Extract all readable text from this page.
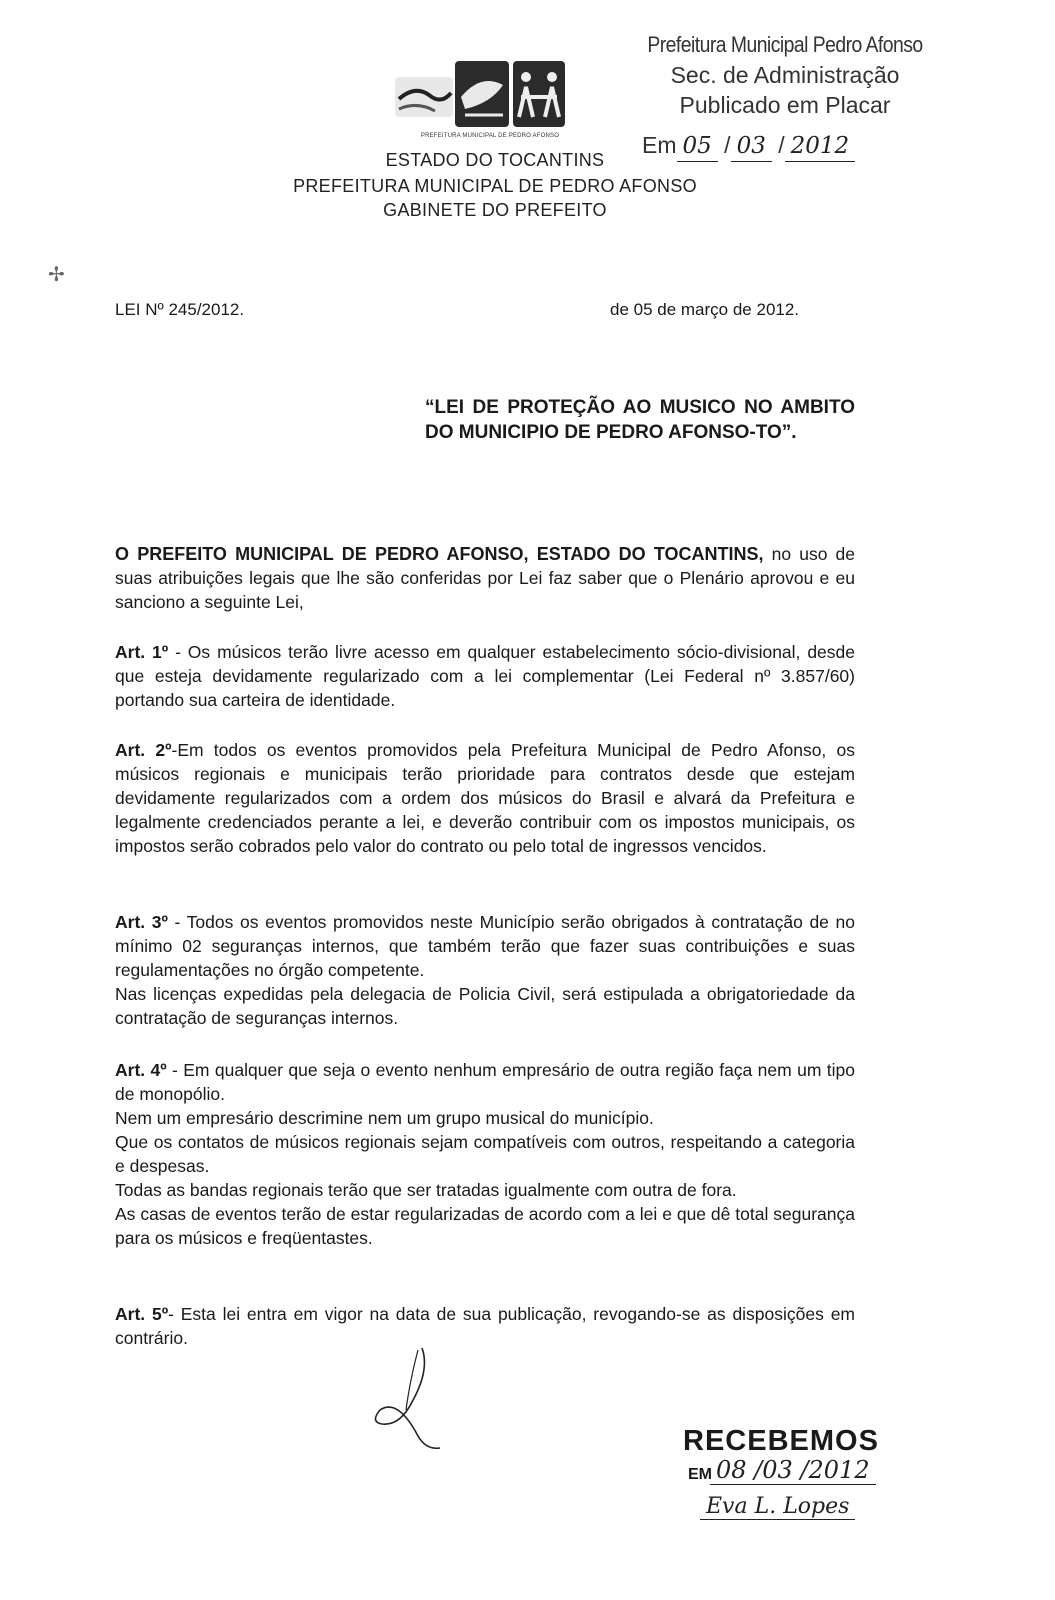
PREFEITURA MUNICIPAL DE PEDRO AFONSO
ESTADO DO TOCANTINS
PREFEITURA MUNICIPAL DE PEDRO AFONSO
GABINETE DO PREFEITO
Prefeitura Municipal Pedro Afonso
Sec. de Administração
Publicado em Placar
Em 05 / 03 / 2012
✢
LEI Nº 245/2012.	de 05 de março de 2012.
“LEI DE PROTEÇÃO AO MUSICO NO AMBITO DO MUNICIPIO DE PEDRO AFONSO-TO”.

O PREFEITO MUNICIPAL DE PEDRO AFONSO, ESTADO DO TOCANTINS, no uso de suas atribuições legais que lhe são conferidas por Lei faz saber que o Plenário aprovou e eu sanciono a seguinte Lei,

Art. 1º - Os músicos terão livre acesso em qualquer estabelecimento sócio-divisional, desde que esteja devidamente regularizado com a lei complementar (Lei Federal nº 3.857/60) portando sua carteira de identidade.

Art. 2º-Em todos os eventos promovidos pela Prefeitura Municipal de Pedro Afonso, os músicos regionais e municipais terão prioridade para contratos desde que estejam devidamente regularizados com a ordem dos músicos do Brasil e alvará da Prefeitura e legalmente credenciados perante a lei, e deverão contribuir com os impostos municipais, os impostos serão cobrados pelo valor do contrato ou pelo total de ingressos vencidos.

Art. 3º - Todos os eventos promovidos neste Município serão obrigados à contratação de no mínimo 02 seguranças internos, que também terão que fazer suas contribuições e suas regulamentações no órgão competente.

Nas licenças expedidas pela delegacia de Policia Civil, será estipulada a obrigatoriedade da contratação de seguranças internos.

Art. 4º - Em qualquer que seja o evento nenhum empresário de outra região faça nem um tipo de monopólio.

Nem um empresário descrimine nem um grupo musical do município.

Que os contatos de músicos regionais sejam compatíveis com outros, respeitando a categoria e despesas.

Todas as bandas regionais terão que ser tratadas igualmente com outra de fora.

As casas de eventos terão de estar regularizadas de acordo com a lei e que dê total segurança para os músicos e freqüentastes.

Art. 5º- Esta lei entra em vigor na data de sua publicação, revogando-se as disposições em contrário.

RECEBEMOS
EM 08 /03 /2012
Eva L. Lopes
